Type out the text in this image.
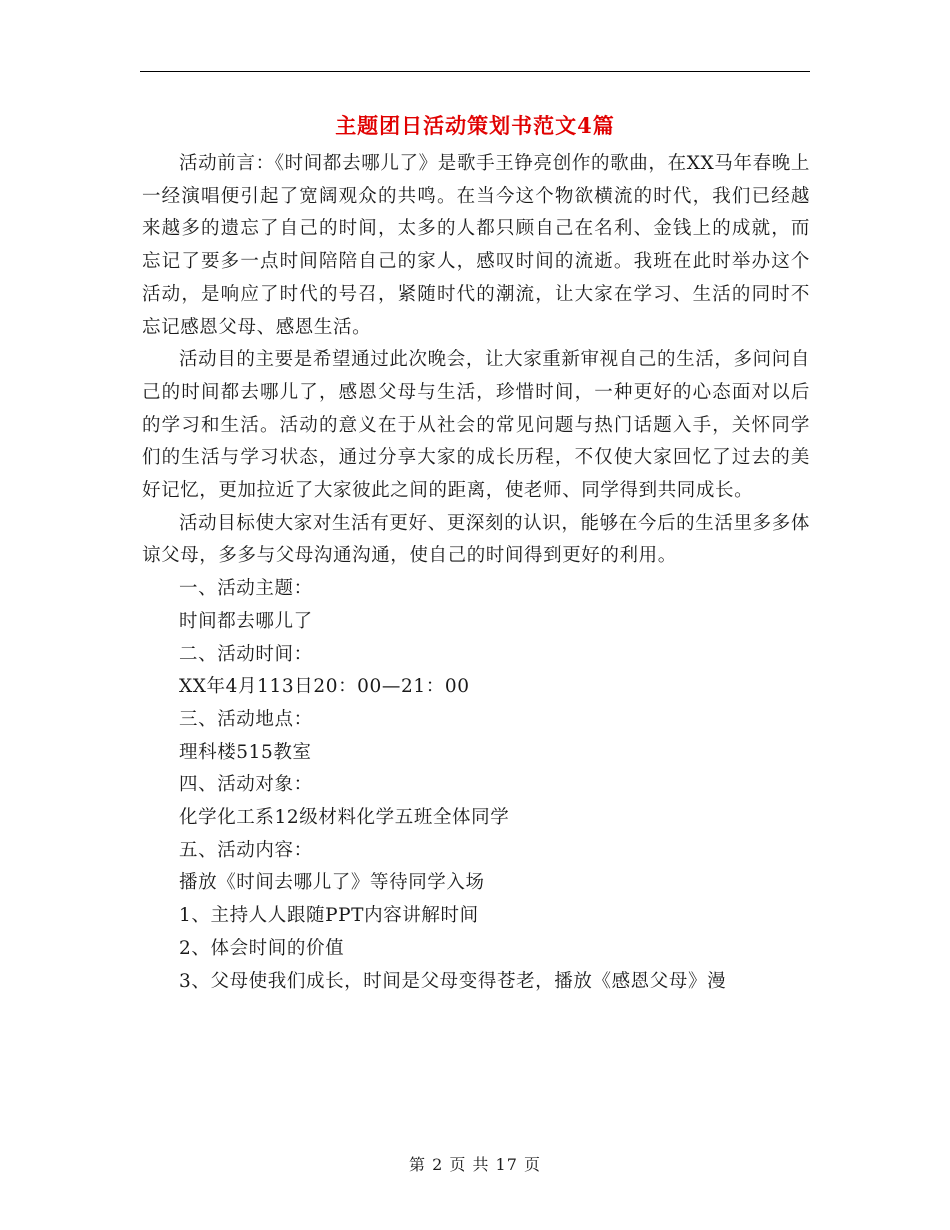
主题团日活动策划书范文4篇

活动前言：《时间都去哪儿了》是歌手王铮亮创作的歌曲，在XX马年春晚上一经演唱便引起了宽阔观众的共鸣。在当今这个物欲横流的时代，我们已经越来越多的遗忘了自己的时间，太多的人都只顾自己在名利、金钱上的成就，而忘记了要多一点时间陪陪自己的家人，感叹时间的流逝。我班在此时举办这个活动，是响应了时代的号召，紧随时代的潮流，让大家在学习、生活的同时不忘记感恩父母、感恩生活。

活动目的主要是希望通过此次晚会，让大家重新审视自己的生活，多问问自己的时间都去哪儿了，感恩父母与生活，珍惜时间，一种更好的心态面对以后的学习和生活。活动的意义在于从社会的常见问题与热门话题入手，关怀同学们的生活与学习状态，通过分享大家的成长历程，不仅使大家回忆了过去的美好记忆，更加拉近了大家彼此之间的距离，使老师、同学得到共同成长。

活动目标使大家对生活有更好、更深刻的认识，能够在今后的生活里多多体谅父母，多多与父母沟通沟通，使自己的时间得到更好的利用。

一、活动主题：

时间都去哪儿了

二、活动时间：

XX年4月113日20：00—21：00

三、活动地点：

理科楼515教室

四、活动对象：

化学化工系12级材料化学五班全体同学

五、活动内容：

播放《时间去哪儿了》等待同学入场

1、主持人人跟随PPT内容讲解时间

2、体会时间的价值

3、父母使我们成长，时间是父母变得苍老，播放《感恩父母》漫

第 2 页 共 17 页
